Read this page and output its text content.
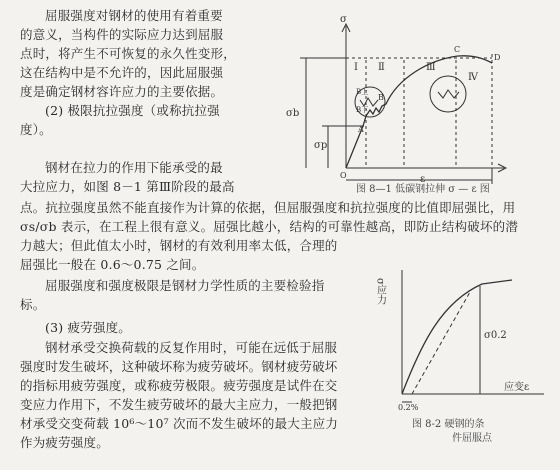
屈服强度对钢材的使用有着重要
的意义，当构件的实际应力达到屈服
点时，将产生不可恢复的永久性变形，
这在结构中是不允许的，因此屈服强
度是确定钢材容许应力的主要依据。
(2) 极限抗拉强度（或称抗拉强
度）。
钢材在拉力的作用下能承受的最
大拉应力，如图 8－1 第Ⅲ阶段的最高
σ
ε
O
σb
σp
Ⅰ Ⅱ	Ⅲ
Ⅳ
A
B
C
D
B上
B下
图 8—1 低碳钢拉伸 σ — ε 图
点。抗拉强度虽然不能直接作为计算的依据，但屈服强度和抗拉强度的比值即屈强比，用
σs/σb 表示，在工程上很有意义。屈强比越小，结构的可靠性越高，即防止结构破坏的潜
力越大；但此值太小时，钢材的有效利用率太低，合理的
屈强比一般在 0.6～0.75 之间。
屈服强度和强度极限是钢材力学性质的主要检验指
标。
(3) 疲劳强度。
钢材承受交换荷载的反复作用时，可能在远低于屈服
强度时发生破坏，这种破坏称为疲劳破坏。钢材疲劳破坏
的指标用疲劳强度，或称疲劳极限。疲劳强度是试件在交
变应力作用下，不发生疲劳破坏的最大主应力，一般把钢
材承受交变荷载 10⁶～10⁷ 次而不发生破坏的最大主应力
作为疲劳强度。
σ应力
σ0.2
应变ε
0.2%
图 8-2 硬钢的条
件屈服点
